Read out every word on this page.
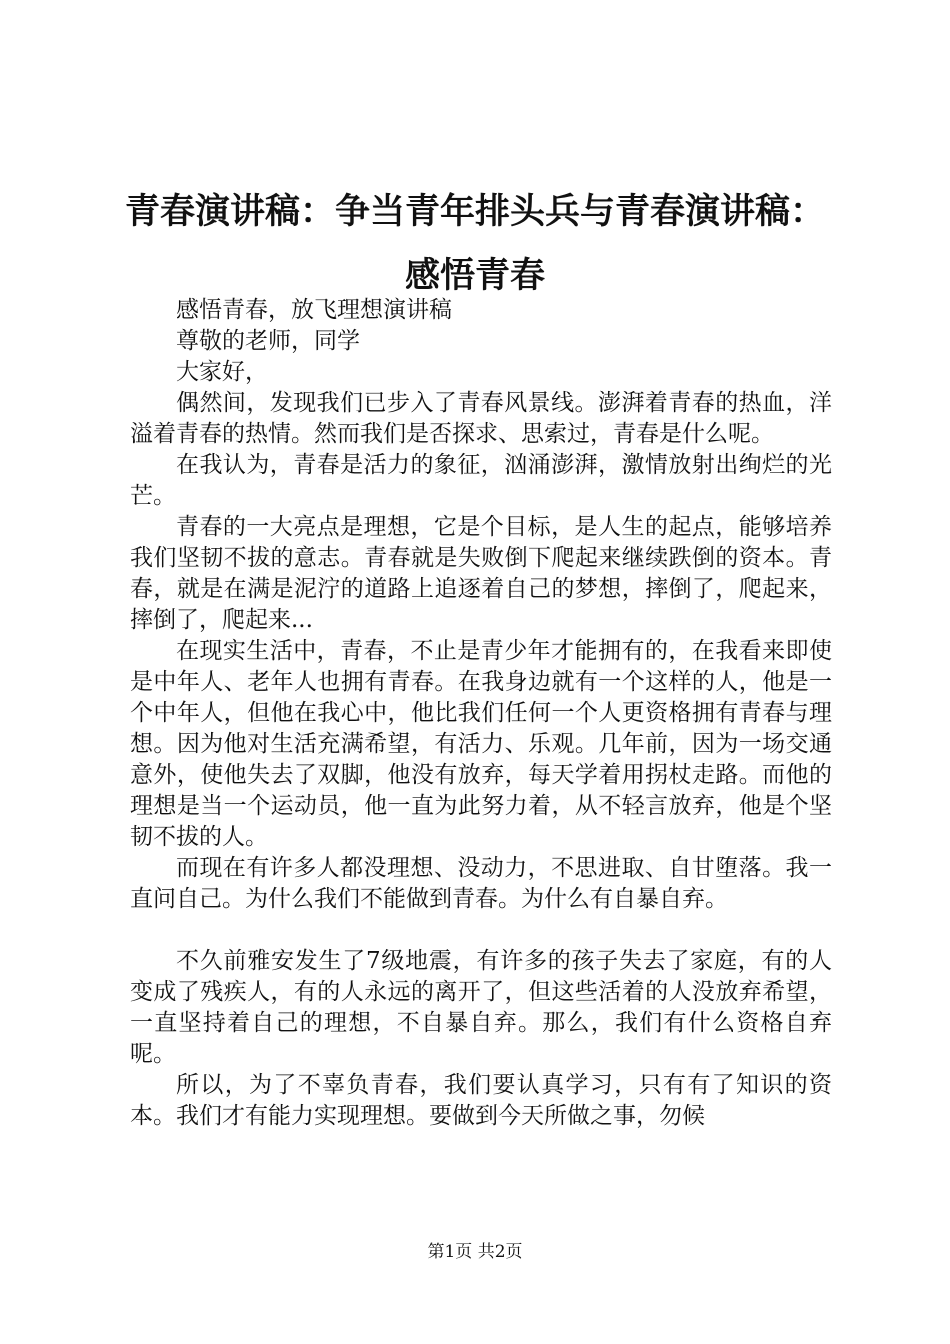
青春演讲稿：争当青年排头兵与青春演讲稿：
感悟青春

感悟青春，放飞理想演讲稿

尊敬的老师，同学

大家好，

偶然间，发现我们已步入了青春风景线。澎湃着青春的热血，洋溢着青春的热情。然而我们是否探求、思索过，青春是什么呢。

在我认为，青春是活力的象征，汹涌澎湃，激情放射出绚烂的光芒。

青春的一大亮点是理想，它是个目标，是人生的起点，能够培养我们坚韧不拔的意志。青春就是失败倒下爬起来继续跌倒的资本。青春，就是在满是泥泞的道路上追逐着自己的梦想，摔倒了，爬起来，摔倒了，爬起来...

在现实生活中，青春，不止是青少年才能拥有的，在我看来即使是中年人、老年人也拥有青春。在我身边就有一个这样的人，他是一个中年人，但他在我心中，他比我们任何一个人更资格拥有青春与理想。因为他对生活充满希望，有活力、乐观。几年前，因为一场交通意外，使他失去了双脚，他没有放弃，每天学着用拐杖走路。而他的理想是当一个运动员，他一直为此努力着，从不轻言放弃，他是个坚韧不拔的人。

而现在有许多人都没理想、没动力，不思进取、自甘堕落。我一直问自己。为什么我们不能做到青春。为什么有自暴自弃。

不久前雅安发生了7级地震，有许多的孩子失去了家庭，有的人变成了残疾人，有的人永远的离开了，但这些活着的人没放弃希望，一直坚持着自己的理想，不自暴自弃。那么，我们有什么资格自弃呢。

所以，为了不辜负青春，我们要认真学习，只有有了知识的资本。我们才有能力实现理想。要做到今天所做之事，勿候

第1页 共2页
